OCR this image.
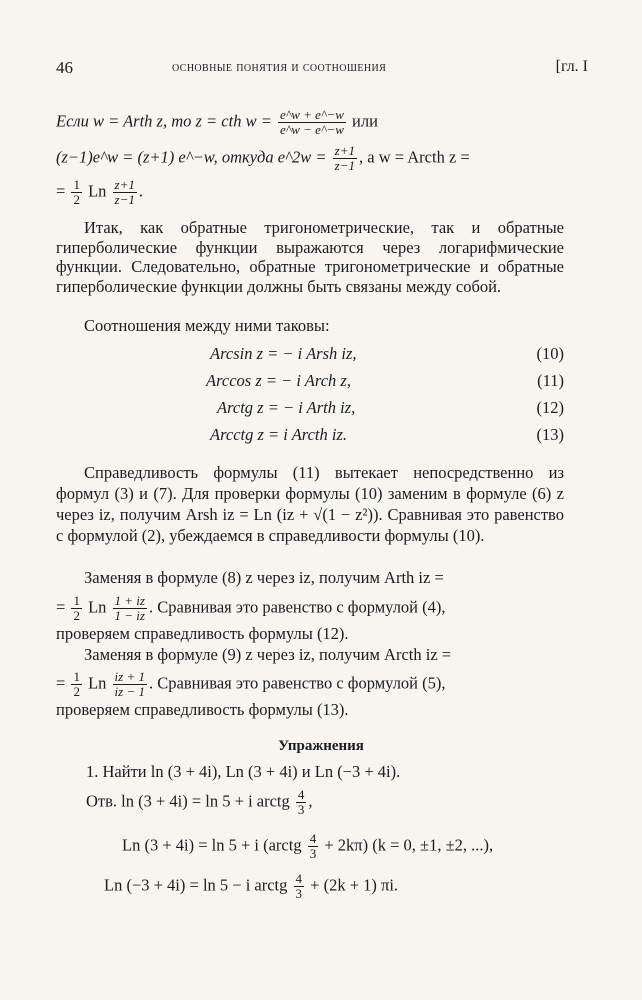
46	основные понятия и соотношения	[гл. I
Если w = Arth z, то z = cth $w = \frac{e\^{}w + e\^{}-w}{e\^{}w - e\^{}-w}$ или
(z−1)e^w = (z+1) e^−w, откуда e^2w = $\frac{z+1}{z-1}$ , а w = Arcth z =
= $\frac{1}{2}$ Ln $\frac{z+1}{z-1}$ .
Итак, как обратные тригонометрические, так и обратные гиперболические функции выражаются через логарифмические функции. Следовательно, обратные тригонометрические и обратные гиперболические функции должны быть связаны между собой.
Соотношения между ними таковы:
Arcsin z = − i Arsh iz,	(10)
Arccos z = − i Arch z,	(11)
Arctg z = − i Arth iz,	(12)
Arcctg z = i Arcth iz.	(13)
Справедливость формулы (11) вытекает непосредственно из формул (3) и (7). Для проверки формулы (10) заменим в формуле (6) z через iz, получим Arsh iz = Ln (iz + √(1 − z²)). Сравнивая это равенство с формулой (2), убеждаемся в справедливости формулы (10).
Заменяя в формуле (8) z через iz, получим Arth iz =
= $\frac{1}{2}$ Ln $\frac{1 + iz}{1 - iz}$ . Сравнивая это равенство с формулой (4),
проверяем справедливость формулы (12).
Заменяя в формуле (9) z через iz, получим Arcth iz =
= $\frac{1}{2}$ Ln $\frac{iz + 1}{iz - 1}$ . Сравнивая это равенство с формулой (5),
проверяем справедливость формулы (13).
Упражнения
1. Найти ln (3 + 4i), Ln (3 + 4i) и Ln (−3 + 4i).
Отв. ln (3 + 4i) = ln 5 + i arctg $\frac{4}{3}$ ,
Ln (3 + 4i) = ln 5 + i (arctg $\frac{4}{3} + 2k\pi$) (k = 0, ±1, ±2, ...),
Ln (−3 + 4i) = ln 5 − i arctg $\frac{4}{3} + (2k + 1)$ πi.
